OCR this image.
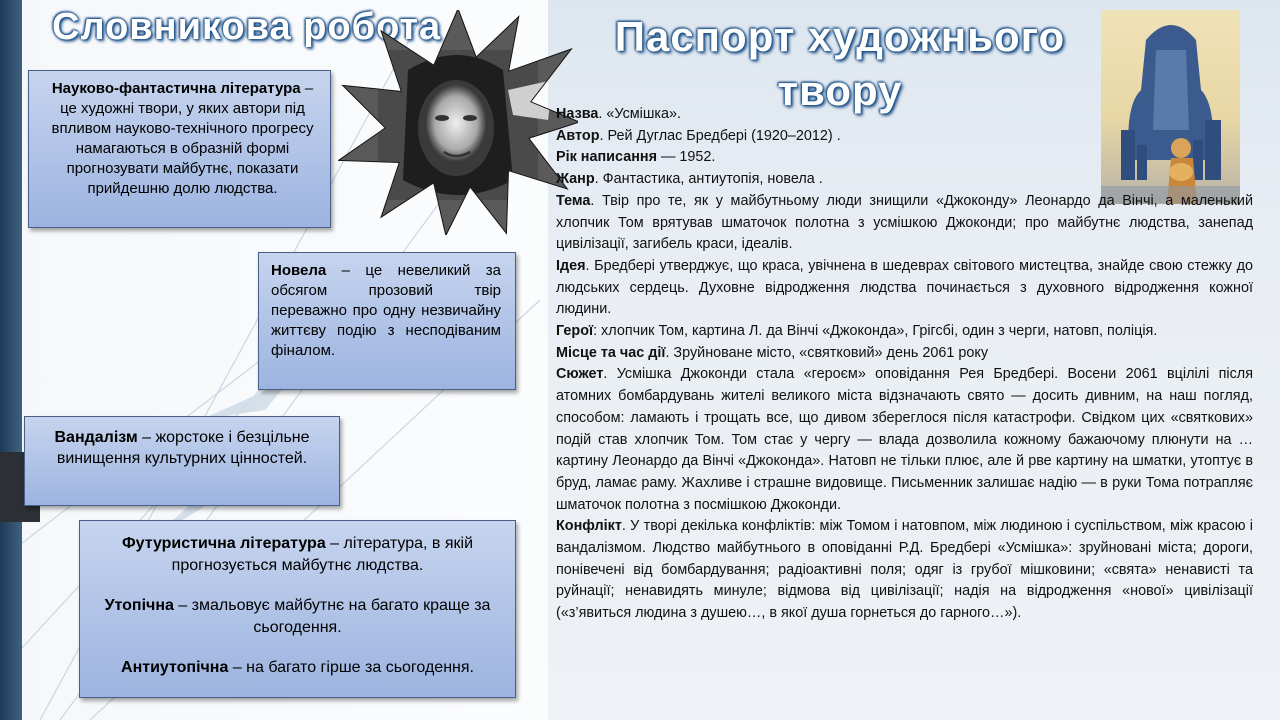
Словникова робота	Паспорт художнього твору
Науково-фантастична література – це художні твори, у яких автори під впливом науково-технічного прогресу намагаються в образній формі прогнозувати майбутнє, показати прийдешню долю людства.
Новела – це невеликий за обсягом прозовий твір переважно про одну незвичайну життєву подію з несподіваним фіналом.
Вандалізм – жорстоке і безцільне винищення культурних цінностей.

Футуристична література – література, в якій прогнозується майбутнє людства.

Утопічна – змальовує майбутнє на багато краще за сьогодення.

Антиутопічна – на багато гірше за сьогодення.

Назва. «Усмішка».

Автор. Рей Дуглас Бредбері (1920–2012) .

Рік написання — 1952.

Жанр. Фантастика, антиутопія, новела .

Тема. Твір про те, як у майбутньому люди знищили «Джоконду» Леонардо да Вінчі, а маленький хлопчик Том врятував шматочок полотна з усмішкою Джоконди; про майбутнє людства, занепад цивілізації, загибель краси, ідеалів.

Ідея. Бредбері утверджує, що краса, увічнена в шедеврах світового мистецтва, знайде свою стежку до людських сердець. Духовне відродження людства починається з духовного відродження кожної людини.

Герої: хлопчик Том, картина Л. да Вінчі «Джоконда», Грігсбі, один з черги, натовп, поліція.

Місце та час дії. Зруйноване місто, «святковий» день 2061 року

Сюжет. Усмішка Джоконди стала «героєм» оповідання Рея Бредбері. Восени 2061 вцілілі після атомних бомбардувань жителі великого міста відзначають свято — досить дивним, на наш погляд, способом: ламають і трощать все, що дивом збереглося після катастрофи. Свідком цих «святкових» подій став хлопчик Том. Том стає у чергу — влада дозволила кожному бажаючому плюнути на … картину Леонардо да Вінчі «Джоконда». Натовп не тільки плює, але й рве картину на шматки, утоптує в бруд, ламає раму. Жахливе і страшне видовище. Письменник залишає надію — в руки Тома потрапляє шматочок полотна з посмішкою Джоконди.

Конфлікт. У творі декілька конфліктів: між Томом і натовпом, між людиною і суспільством, між красою і вандалізмом. Людство майбутнього в оповіданні Р.Д. Бредбері «Усмішка»: зруйновані міста; дороги, понівечені від бомбардування; радіоактивні поля; одяг із грубої мішковини; «свята» ненависті та руйнації; ненавидять минуле; відмова від цивілізації; надія на відродження «нової» цивілізації («з’явиться людина з душею…, в якої душа горнеться до гарного…»).
